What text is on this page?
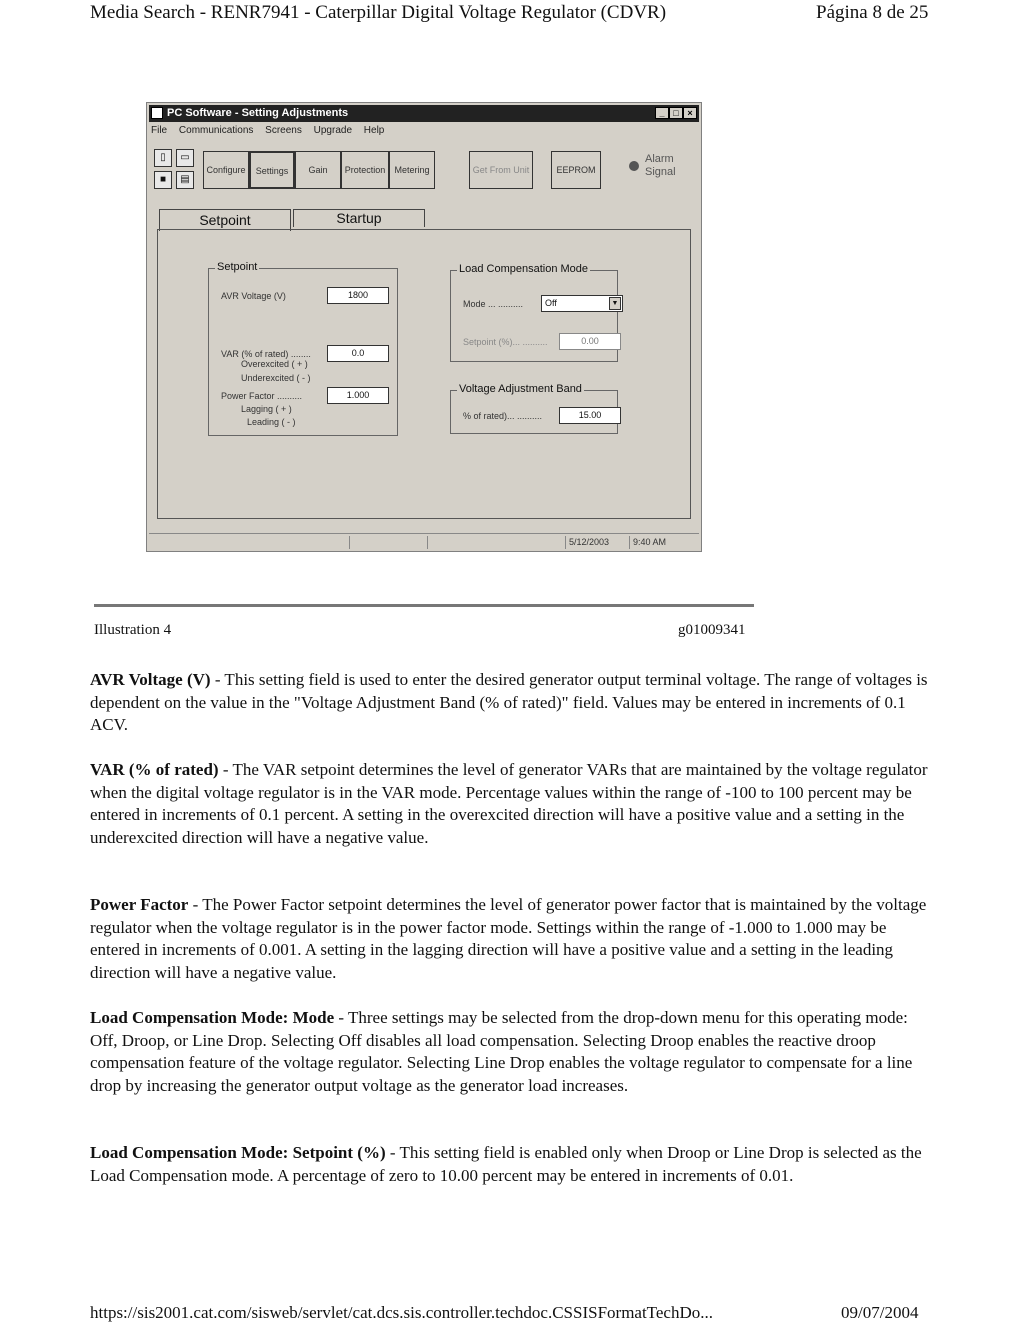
Media Search - RENR7941 - Caterpillar Digital Voltage Regulator (CDVR)	Página 8 de 25
PC Software - Setting Adjustments	_ □ ×
File Communications Screens Upgrade Help
▯	▭
■	▤
Configure	Settings	Gain	Protection	Metering	Get From Unit	EEPROM
Alarm Signal
Setpoint	Startup
Setpoint
AVR Voltage (V)	1800
VAR (% of rated) ........	0.0
Overexcited ( + )
Underexcited ( - )
Power Factor ..........	1.000
Lagging ( + )
Leading ( - )
Load Compensation Mode
Mode ... ..........	Off	▼
Setpoint (%)... ..........	0.00
Voltage Adjustment Band
% of rated)... ..........	15.00
5/12/2003	9:40 AM
Illustration 4	g01009341
AVR Voltage (V) - This setting field is used to enter the desired generator output terminal voltage. The range of voltages is dependent on the value in the "Voltage Adjustment Band (% of rated)" field. Values may be entered in increments of 0.1 ACV.
VAR (% of rated) - The VAR setpoint determines the level of generator VARs that are maintained by the voltage regulator when the digital voltage regulator is in the VAR mode. Percentage values within the range of -100 to 100 percent may be entered in increments of 0.1 percent. A setting in the overexcited direction will have a positive value and a setting in the underexcited direction will have a negative value.
Power Factor - The Power Factor setpoint determines the level of generator power factor that is maintained by the voltage regulator when the voltage regulator is in the power factor mode. Settings within the range of -1.000 to 1.000 may be entered in increments of 0.001. A setting in the lagging direction will have a positive value and a setting in the leading direction will have a negative value.
Load Compensation Mode: Mode - Three settings may be selected from the drop-down menu for this operating mode: Off, Droop, or Line Drop. Selecting Off disables all load compensation. Selecting Droop enables the reactive droop compensation feature of the voltage regulator. Selecting Line Drop enables the voltage regulator to compensate for a line drop by increasing the generator output voltage as the generator load increases.
Load Compensation Mode: Setpoint (%) - This setting field is enabled only when Droop or Line Drop is selected as the Load Compensation mode. A percentage of zero to 10.00 percent may be entered in increments of 0.01.
https://sis2001.cat.com/sisweb/servlet/cat.dcs.sis.controller.techdoc.CSSISFormatTechDo...	09/07/2004
